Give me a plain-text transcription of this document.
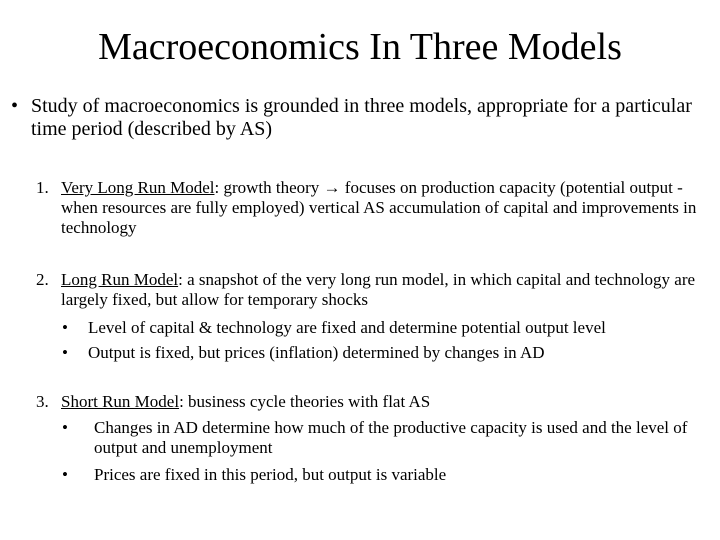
Macroeconomics In Three Models
• Study of macroeconomics is grounded in three models, appropriate for a particular time period (described by AS)
1. Very Long Run Model: growth theory → focuses on production capacity (potential output - when resources are fully employed) vertical AS accumulation of capital and improvements in technology
2. Long Run Model: a snapshot of the very long run model, in which capital and technology are largely fixed, but allow for temporary shocks
• Level of capital & technology are fixed and determine potential output level
• Output is fixed, but prices (inflation) determined by changes in AD
3. Short Run Model: business cycle theories with flat AS
• Changes in AD determine how much of the productive capacity is used and the level of output and unemployment
• Prices are fixed in this period, but output is variable
